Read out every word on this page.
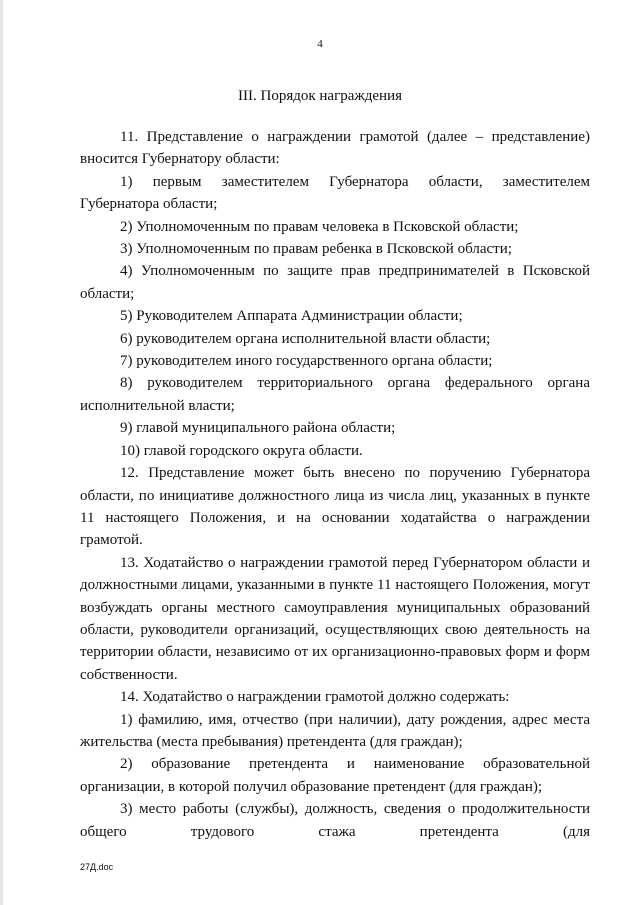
4
III. Порядок награждения

11. Представление о награждении грамотой (далее – представление) вносится Губернатору области:

1) первым заместителем Губернатора области, заместителем Губернатора области;

2) Уполномоченным по правам человека в Псковской области;

3) Уполномоченным по правам ребенка в Псковской области;

4) Уполномоченным по защите прав предпринимателей в Псковской области;

5) Руководителем Аппарата Администрации области;

6) руководителем органа исполнительной власти области;

7) руководителем иного государственного органа области;

8) руководителем территориального органа федерального органа исполнительной власти;

9) главой муниципального района области;

10) главой городского округа области.

12. Представление может быть внесено по поручению Губернатора области, по инициативе должностного лица из числа лиц, указанных в пункте 11 настоящего Положения, и на основании ходатайства о награждении грамотой.

13. Ходатайство о награждении грамотой перед Губернатором области и должностными лицами, указанными в пункте 11 настоящего Положения, могут возбуждать органы местного самоуправления муниципальных образований области, руководители организаций, осуществляющих свою деятельность на территории области, независимо от их организационно-правовых форм и форм собственности.

14. Ходатайство о награждении грамотой должно содержать:

1) фамилию, имя, отчество (при наличии), дату рождения, адрес места жительства (места пребывания) претендента (для граждан);

2) образование претендента и наименование образовательной организации, в которой получил образование претендент (для граждан);

3) место работы (службы), должность, сведения о продолжительности общего трудового стажа претендента (для

27Д.doc
